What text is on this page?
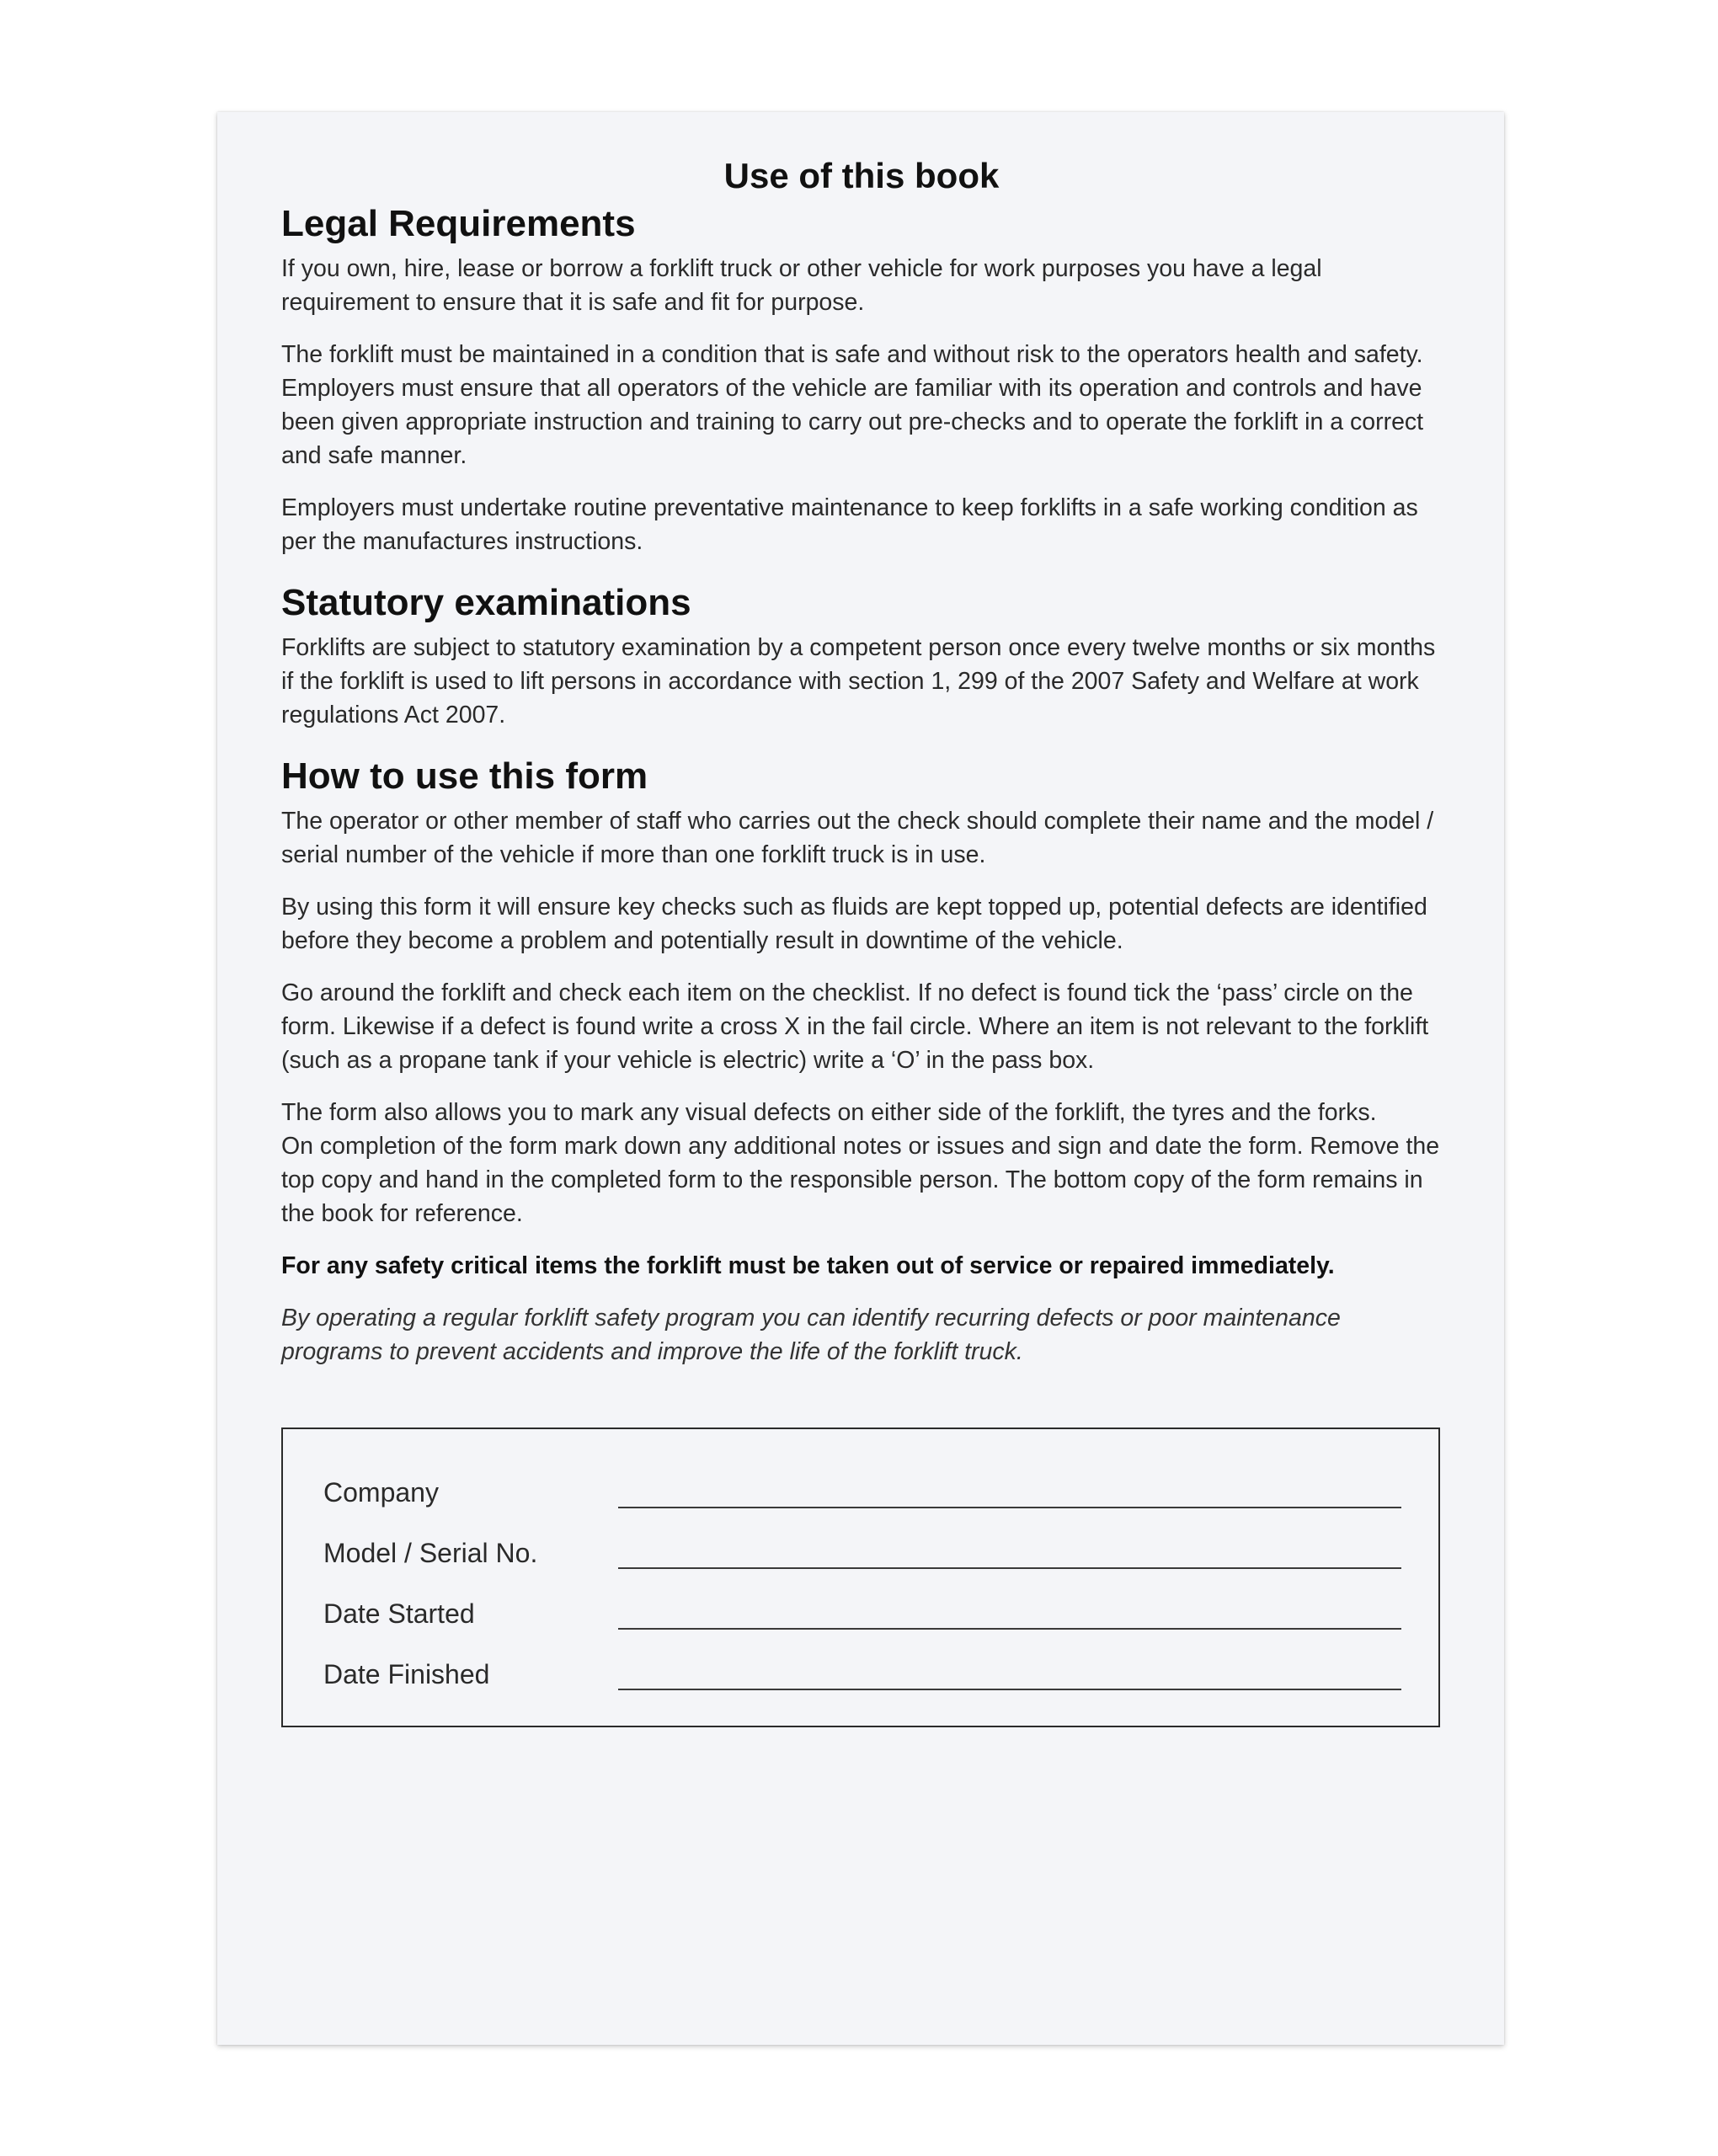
Use of this book
Legal Requirements

If you own, hire, lease or borrow a forklift truck or other vehicle for work purposes you have a legal requirement to ensure that it is safe and fit for purpose.

The forklift must be maintained in a condition that is safe and without risk to the operators health and safety. Employers must ensure that all operators of the vehicle are familiar with its operation and controls and have been given appropriate instruction and training to carry out pre-checks and to operate the forklift in a correct and safe manner.

Employers must undertake routine preventative maintenance to keep forklifts in a safe working condition as per the manufactures instructions.

Statutory examinations

Forklifts are subject to statutory examination by a competent person once every twelve months or six months if the forklift is used to lift persons in accordance with section 1, 299 of the 2007 Safety and Welfare at work regulations Act 2007.

How to use this form

The operator or other member of staff who carries out the check should complete their name and the model / serial number of the vehicle if more than one forklift truck is in use.

By using this form it will ensure key checks such as fluids are kept topped up, potential defects are identified before they become a problem and potentially result in downtime of the vehicle.

Go around the forklift and check each item on the checklist. If no defect is found tick the ‘pass’ circle on the form. Likewise if a defect is found write a cross X in the fail circle. Where an item is not relevant to the forklift (such as a propane tank if your vehicle is electric) write a ‘O’ in the pass box.

The form also allows you to mark any visual defects on either side of the forklift, the tyres and the forks.
On completion of the form mark down any additional notes or issues and sign and date the form. Remove the top copy and hand in the completed form to the responsible person. The bottom copy of the form remains in the book for reference.

For any safety critical items the forklift must be taken out of service or repaired immediately.

By operating a regular forklift safety program you can identify recurring defects or poor maintenance programs to prevent accidents and improve the life of the forklift truck.

Company
Model / Serial No.
Date Started
Date Finished
